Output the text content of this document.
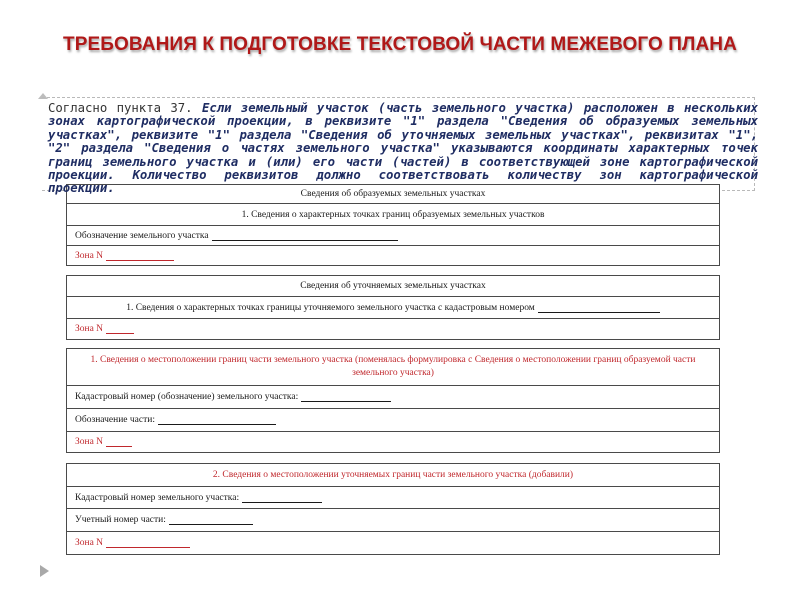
ТРЕБОВАНИЯ К ПОДГОТОВКЕ ТЕКСТОВОЙ ЧАСТИ МЕЖЕВОГО ПЛАНА
Согласно пункта 37. Если земельный участок (часть земельного участка) расположен в нескольких зонах картографической проекции, в реквизите "1" раздела "Сведения об образуемых земельных участках", реквизите "1" раздела "Сведения об уточняемых земельных участках", реквизитах "1", "2" раздела "Сведения о частях земельного участка" указываются координаты характерных точек границ земельного участка и (или) его части (частей) в соответствующей зоне картографической проекции. Количество реквизитов должно соответствовать количеству зон картографической проекции.	Сведения об образуемых земельных участках
1. Сведения о характерных точках границ образуемых земельных участков
Обозначение земельного участка
Зона N
Сведения об уточняемых земельных участках
1. Сведения о характерных точках границы уточняемого земельного участка с кадастровым номером
Зона N
1. Сведения о местоположении границ части земельного участка (поменялась формулировка с Сведения о местоположении границ образуемой части земельного участка)
Кадастровый номер (обозначение) земельного участка:
Обозначение части:
Зона N
2. Сведения о местоположении уточняемых границ части земельного участка (добавили)
Кадастровый номер земельного участка:
Учетный номер части:
Зона N
